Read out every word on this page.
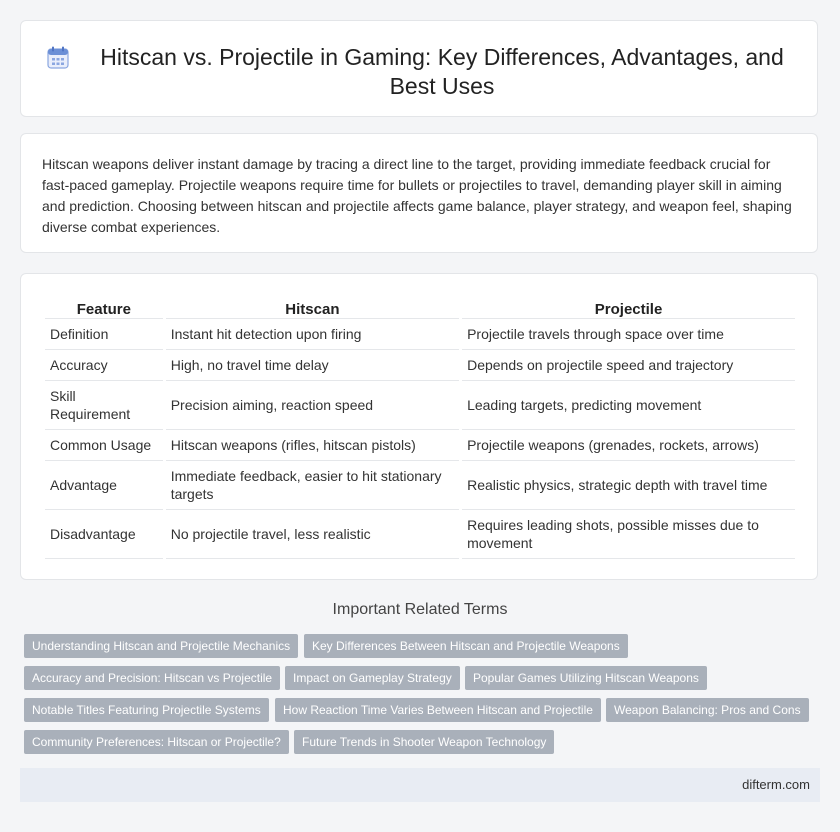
Hitscan vs. Projectile in Gaming: Key Differences, Advantages, and Best Uses

Hitscan weapons deliver instant damage by tracing a direct line to the target, providing immediate feedback crucial for fast-paced gameplay. Projectile weapons require time for bullets or projectiles to travel, demanding player skill in aiming and prediction. Choosing between hitscan and projectile affects game balance, player strategy, and weapon feel, shaping diverse combat experiences.

Feature	Hitscan	Projectile
Definition	Instant hit detection upon firing	Projectile travels through space over time
Accuracy	High, no travel time delay	Depends on projectile speed and trajectory
Skill Requirement	Precision aiming, reaction speed	Leading targets, predicting movement
Common Usage	Hitscan weapons (rifles, hitscan pistols)	Projectile weapons (grenades, rockets, arrows)
Advantage	Immediate feedback, easier to hit stationary targets	Realistic physics, strategic depth with travel time
Disadvantage	No projectile travel, less realistic	Requires leading shots, possible misses due to movement
Important Related Terms
Understanding Hitscan and Projectile Mechanics	Key Differences Between Hitscan and Projectile Weapons
Accuracy and Precision: Hitscan vs Projectile	Impact on Gameplay Strategy	Popular Games Utilizing Hitscan Weapons
Notable Titles Featuring Projectile Systems	How Reaction Time Varies Between Hitscan and Projectile	Weapon Balancing: Pros and Cons
Community Preferences: Hitscan or Projectile?	Future Trends in Shooter Weapon Technology
difterm.com
